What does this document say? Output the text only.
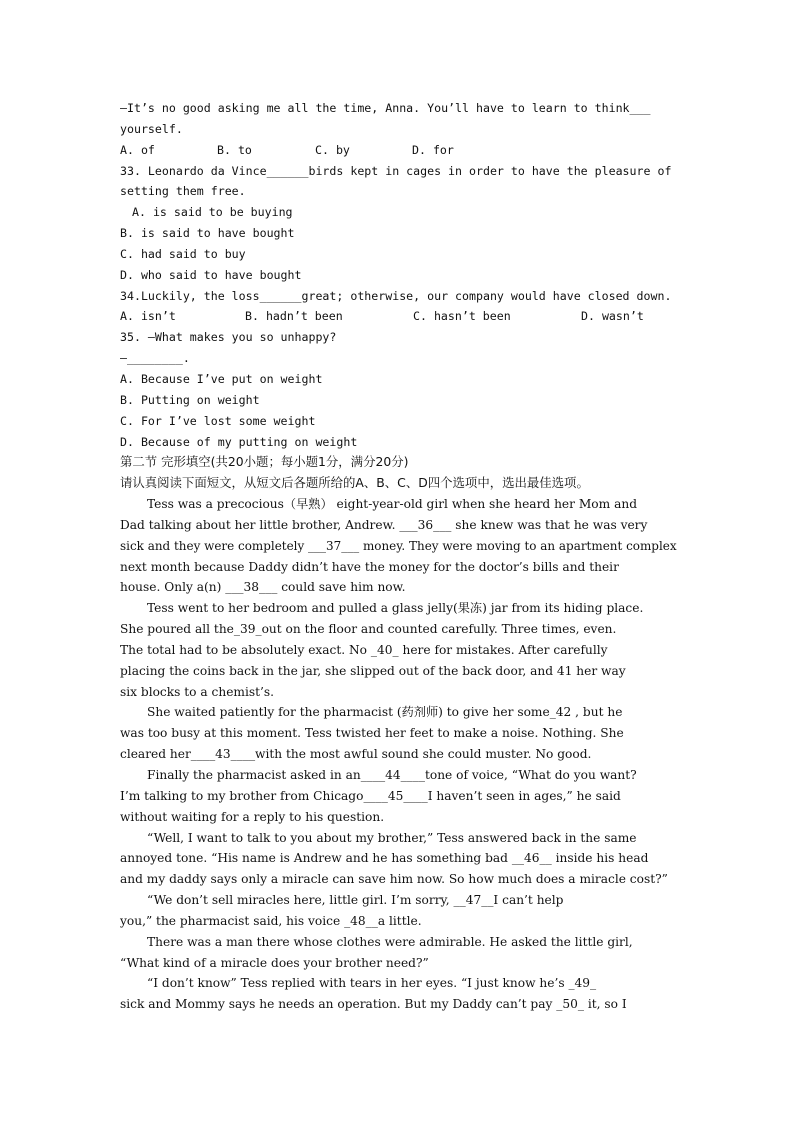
—It’s no good asking me all the time, Anna. You’ll have to learn to think___
yourself.
A. of	B. to	C. by	D. for
33. Leonardo da Vince______birds kept in cages in order to have the pleasure of
setting them free.
A. is said to be buying
B. is said to have bought
C. had said to buy
D. who said to have bought
34.Luckily, the loss______great; otherwise, our company would have closed down.
A. isn’t	B. hadn’t been	C. hasn’t been	D. wasn’t
35. —What makes you so unhappy?
—________.
A. Because I’ve put on weight
B. Putting on weight
C. For I’ve lost some weight
D. Because of my putting on weight
第二节 完形填空(共20小题；每小题1分，满分20分)
请认真阅读下面短文，从短文后各题所给的A、B、C、D四个选项中，选出最佳选项。
Tess was a precocious（早熟） eight-year-old girl when she heard her Mom and
Dad talking about her little brother, Andrew. ___36___ she knew was that he was very
sick and they were completely ___37___ money. They were moving to an apartment complex
next month because Daddy didn’t have the money for the doctor’s bills and their
house. Only a(n) ___38___ could save him now.
Tess went to her bedroom and pulled a glass jelly(果冻) jar from its hiding place.
She poured all the_39_out on the floor and counted carefully. Three times, even.
The total had to be absolutely exact. No _40_ here for mistakes. After carefully
placing the coins back in the jar, she slipped out of the back door, and 41 her way
six blocks to a chemist’s.
She waited patiently for the pharmacist (药剂师) to give her some_42 , but he
was too busy at this moment. Tess twisted her feet to make a noise. Nothing. She
cleared her____43____with the most awful sound she could muster. No good.
Finally the pharmacist asked in an____44____tone of voice, “What do you want?
I’m talking to my brother from Chicago____45____I haven’t seen in ages,” he said
without waiting for a reply to his question.
“Well, I want to talk to you about my brother,” Tess answered back in the same
annoyed tone. “His name is Andrew and he has something bad __46__ inside his head
and my daddy says only a miracle can save him now. So how much does a miracle cost?”
“We don’t sell miracles here, little girl. I’m sorry, __47__I can’t help
you,” the pharmacist said, his voice _48__a little.
There was a man there whose clothes were admirable. He asked the little girl,
“What kind of a miracle does your brother need?”
“I don’t know” Tess replied with tears in her eyes. “I just know he’s _49_
sick and Mommy says he needs an operation. But my Daddy can’t pay _50_ it, so I
